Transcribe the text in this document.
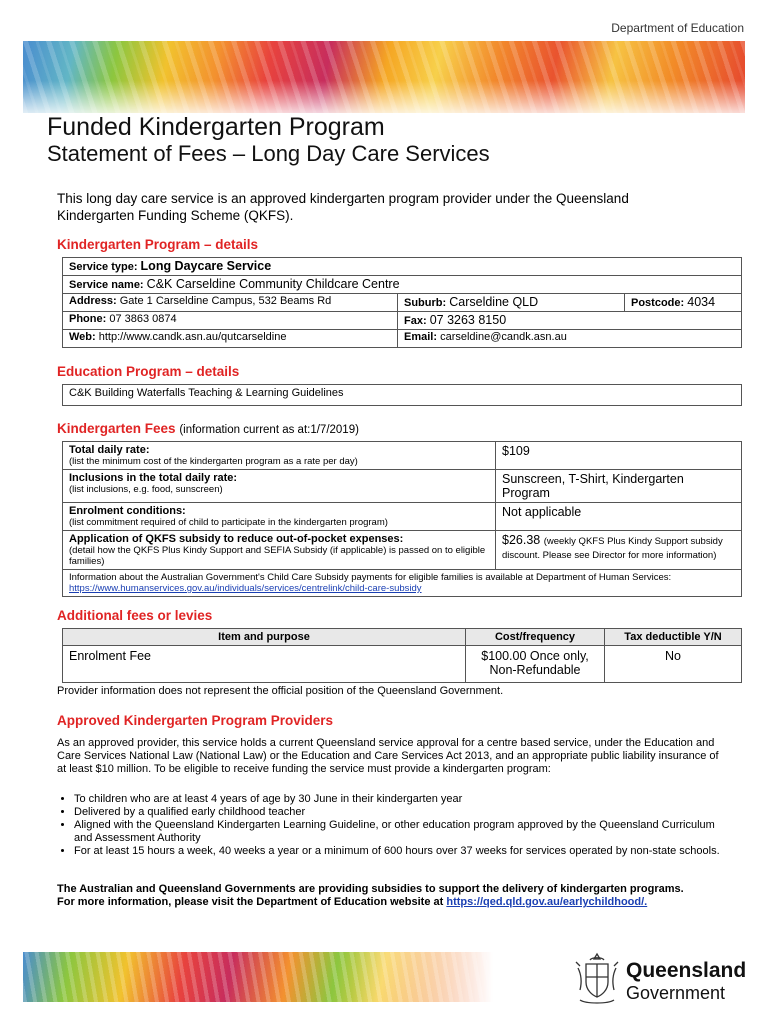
Department of Education
Funded Kindergarten Program
Statement of Fees – Long Day Care Services
This long day care service is an approved kindergarten program provider under the Queensland Kindergarten Funding Scheme (QKFS).
Kindergarten Program – details
Service type: Long Daycare Service		
Service name: C&K Carseldine Community Childcare Centre		
Address: Gate 1 Carseldine Campus, 532 Beams Rd	Suburb: Carseldine QLD	Postcode: 4034
Phone: 07 3863 0874	Fax: 07 3263 8150	
Web: http://www.candk.asn.au/qutcarseldine	Email: carseldine@candk.asn.au	
Education Program – details
C&K Building Waterfalls Teaching & Learning Guidelines
Kindergarten Fees (information current as at:1/7/2019)
Total daily rate:
(list the minimum cost of the kindergarten program as a rate per day)	$109

Inclusions in the total daily rate:
(list inclusions, e.g. food, sunscreen)	Sunscreen, T-Shirt, Kindergarten Program

Enrolment conditions:
(list commitment required of child to participate in the kindergarten program)	Not applicable

Application of QKFS subsidy to reduce out-of-pocket expenses:
(detail how the QKFS Plus Kindy Support and SEFIA Subsidy (if applicable) is passed on to eligible families)	$26.38 (weekly QKFS Plus Kindy Support subsidy discount. Please see Director for more information)
Information about the Australian Government's Child Care Subsidy payments for eligible families is available at Department of Human Services: https://www.humanservices.gov.au/individuals/services/centrelink/child-care-subsidy	
Additional fees or levies
Item and purpose	Cost/frequency	Tax deductible Y/N
Enrolment Fee	$100.00 Once only, Non-Refundable	No
Provider information does not represent the official position of the Queensland Government.
Approved Kindergarten Program Providers
As an approved provider, this service holds a current Queensland service approval for a centre based service, under the Education and Care Services National Law (National Law) or the Education and Care Services Act 2013, and an appropriate public liability insurance of at least $10 million. To be eligible to receive funding the service must provide a kindergarten program:
• To children who are at least 4 years of age by 30 June in their kindergarten year
• Delivered by a qualified early childhood teacher
• Aligned with the Queensland Kindergarten Learning Guideline, or other education program approved by the Queensland Curriculum and Assessment Authority
• For at least 15 hours a week, 40 weeks a year or a minimum of 600 hours over 37 weeks for services operated by non-state schools.
The Australian and Queensland Governments are providing subsidies to support the delivery of kindergarten programs. For more information, please visit the Department of Education website at https://qed.qld.gov.au/earlychildhood/.
Queensland
Government
